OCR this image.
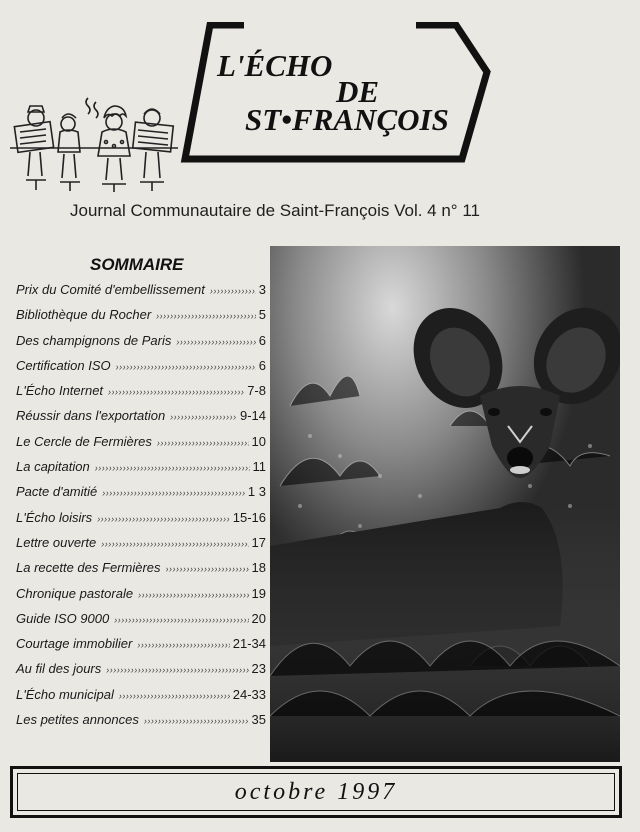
L'ÉCHO
DE
ST•FRANÇOIS
Journal Communautaire de Saint-François Vol. 4 n° 11
SOMMAIRE
Prix du Comité d'embellissement ›››››››››››››››››››››››››››››››››››››››››››››››››››››	3
Bibliothèque du Rocher ›››››››››››››››››››››››››››››››››››››››››››››››››››››	5
Des champignons de Paris ›››››››››››››››››››››››››››››››››››››››››››››››››››››	6
Certification ISO ›››››››››››››››››››››››››››››››››››››››››››››››››››››	6
L'Écho Internet ›››››››››››››››››››››››››››››››››››››››››››››››››››››	7-8
Réussir dans l'exportation ›››››››››››››››››››››››››››››››››››››››››››››››››››››	9-14
Le Cercle de Fermières ›››››››››››››››››››››››››››››››››››››››››››››››››››››	10
La capitation ›››››››››››››››››››››››››››››››››››››››››››››››››››››	11
Pacte d'amitié ›››››››››››››››››››››››››››››››››››››››››››››››››››››	1 3
L'Écho loisirs ›››››››››››››››››››››››››››››››››››››››››››››››››››››	15-16
Lettre ouverte ›››››››››››››››››››››››››››››››››››››››››››››››››››››	17
La recette des Fermières ›››››››››››››››››››››››››››››››››››››››››››››››››››››	18
Chronique pastorale ›››››››››››››››››››››››››››››››››››››››››››››››››››››	19
Guide ISO 9000 ›››››››››››››››››››››››››››››››››››››››››››››››››››››	20
Courtage immobilier ›››››››››››››››››››››››››››››››››››››››››››››››››››››	21-34
Au fil des jours ›››››››››››››››››››››››››››››››››››››››››››››››››››››	23
L'Écho municipal ›››››››››››››››››››››››››››››››››››››››››››››››››››››	24-33
Les petites annonces ›››››››››››››››››››››››››››››››››››››››››››››››››››››	35
octobre 1997
